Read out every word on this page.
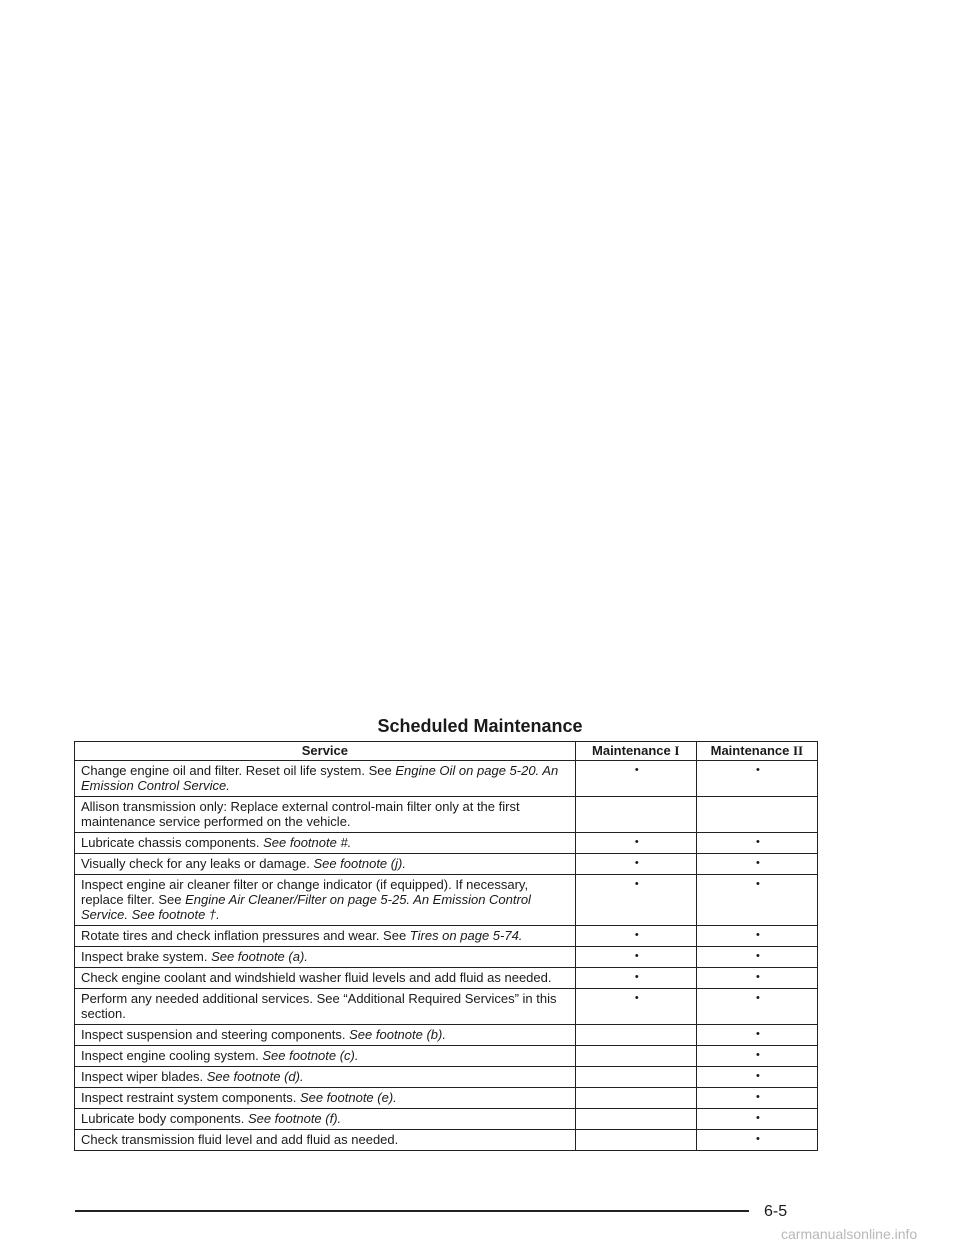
Scheduled Maintenance
Service	Maintenance I	Maintenance II
Change engine oil and filter. Reset oil life system. See Engine Oil on page 5-20. An Emission Control Service.	•	•
Allison transmission only: Replace external control-main filter only at the first maintenance service performed on the vehicle.		
Lubricate chassis components. See footnote #.	•	•
Visually check for any leaks or damage. See footnote (j).	•	•
Inspect engine air cleaner filter or change indicator (if equipped). If necessary, replace filter. See Engine Air Cleaner/Filter on page 5-25. An Emission Control Service. See footnote †.	•	•
Rotate tires and check inflation pressures and wear. See Tires on page 5-74.	•	•
Inspect brake system. See footnote (a).	•	•
Check engine coolant and windshield washer fluid levels and add fluid as needed.	•	•
Perform any needed additional services. See “Additional Required Services” in this section.	•	•
Inspect suspension and steering components. See footnote (b).		•
Inspect engine cooling system. See footnote (c).		•
Inspect wiper blades. See footnote (d).		•
Inspect restraint system components. See footnote (e).		•
Lubricate body components. See footnote (f).		•
Check transmission fluid level and add fluid as needed.		•
6-5
carmanualsonline.info
